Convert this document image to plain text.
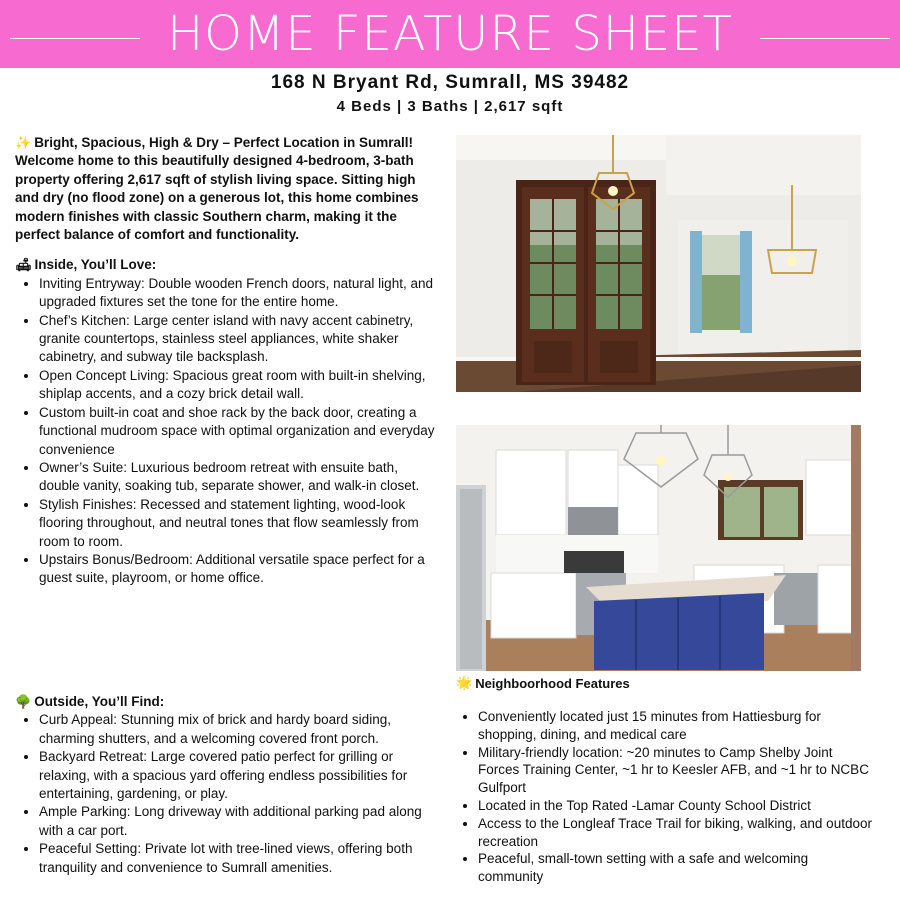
HOME FEATURE SHEET
168 N Bryant Rd, Sumrall, MS 39482
4 Beds | 3 Baths | 2,617 sqft

✨ Bright, Spacious, High & Dry – Perfect Location in Sumrall! Welcome home to this beautifully designed 4-bedroom, 3-bath property offering 2,617 sqft of stylish living space. Sitting high and dry (no flood zone) on a generous lot, this home combines modern finishes with classic Southern charm, making it the perfect balance of comfort and functionality.

🛋 Inside, You’ll Love:

• Inviting Entryway: Double wooden French doors, natural light, and upgraded fixtures set the tone for the entire home.
• Chef’s Kitchen: Large center island with navy accent cabinetry, granite countertops, stainless steel appliances, white shaker cabinetry, and subway tile backsplash.
• Open Concept Living: Spacious great room with built-in shelving, shiplap accents, and a cozy brick detail wall.
• Custom built-in coat and shoe rack by the back door, creating a functional mudroom space with optimal organization and everyday convenience
• Owner’s Suite: Luxurious bedroom retreat with ensuite bath, double vanity, soaking tub, separate shower, and walk-in closet.
• Stylish Finishes: Recessed and statement lighting, wood-look flooring throughout, and neutral tones that flow seamlessly from room to room.
• Upstairs Bonus/Bedroom: Additional versatile space perfect for a guest suite, playroom, or home office.

🌳 Outside, You’ll Find:

• Curb Appeal: Stunning mix of brick and hardy board siding, charming shutters, and a welcoming covered front porch.
• Backyard Retreat: Large covered patio perfect for grilling or relaxing, with a spacious yard offering endless possibilities for entertaining, gardening, or play.
• Ample Parking: Long driveway with additional parking pad along with a car port.
• Peaceful Setting: Private lot with tree-lined views, offering both tranquility and convenience to Sumrall amenities.
🌟 Neighboorhood Features
• Conveniently located just 15 minutes from Hattiesburg for shopping, dining, and medical care
• Military-friendly location: ~20 minutes to Camp Shelby Joint Forces Training Center, ~1 hr to Keesler AFB, and ~1 hr to NCBC Gulfport
• Located in the Top Rated -Lamar County School District
• Access to the Longleaf Trace Trail for biking, walking, and outdoor recreation
• Peaceful, small-town setting with a safe and welcoming community
